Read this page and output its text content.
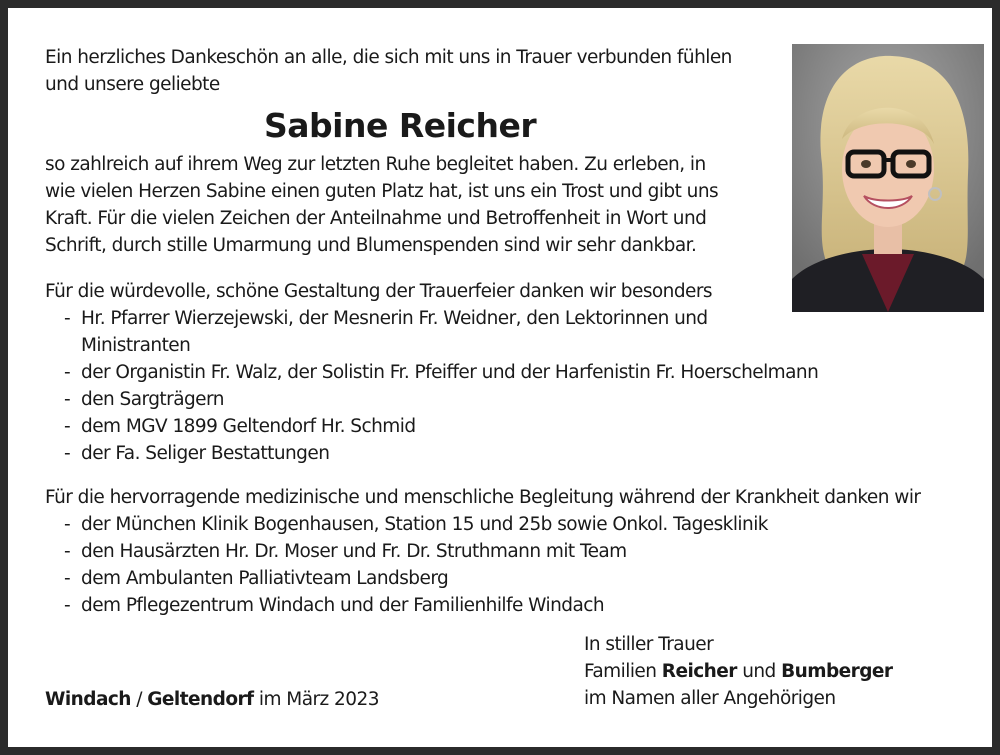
Ein herzliches Dankeschön an alle, die sich mit uns in Trauer verbunden fühlen
und unsere geliebte
Sabine Reicher
so zahlreich auf ihrem Weg zur letzten Ruhe begleitet haben. Zu erleben, in
wie vielen Herzen Sabine einen guten Platz hat, ist uns ein Trost und gibt uns
Kraft. Für die vielen Zeichen der Anteilnahme und Betroffenheit in Wort und
Schrift, durch stille Umarmung und Blumenspenden sind wir sehr dankbar.
Für die würdevolle, schöne Gestaltung der Trauerfeier danken wir besonders
- Hr. Pfarrer Wierzejewski, der Mesnerin Fr. Weidner, den Lektorinnen und
Ministranten
- der Organistin Fr. Walz, der Solistin Fr. Pfeiffer und der Harfenistin Fr. Hoerschelmann
- den Sargträgern
- dem MGV 1899 Geltendorf Hr. Schmid
- der Fa. Seliger Bestattungen
Für die hervorragende medizinische und menschliche Begleitung während der Krankheit danken wir
- der München Klinik Bogenhausen, Station 15 und 25b sowie Onkol. Tagesklinik
- den Hausärzten Hr. Dr. Moser und Fr. Dr. Struthmann mit Team
- dem Ambulanten Palliativteam Landsberg
- dem Pflegezentrum Windach und der Familienhilfe Windach
In stiller Trauer
Familien Reicher und Bumberger
im Namen aller Angehörigen
Windach / Geltendorf im März 2023
